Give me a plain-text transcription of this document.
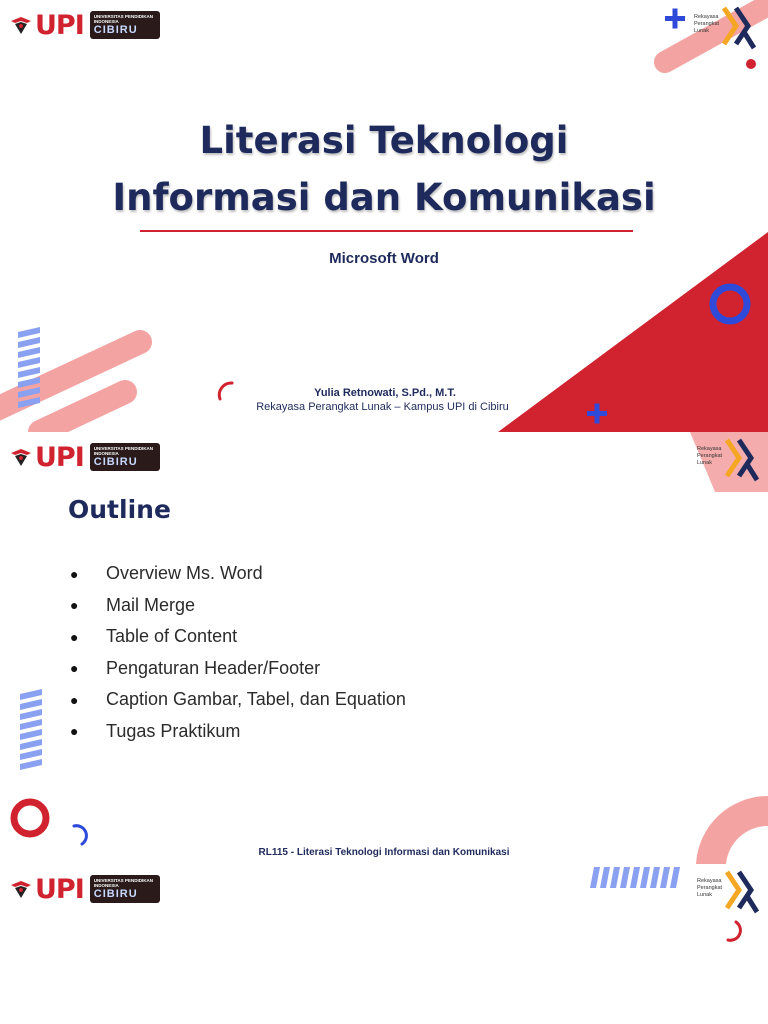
UPI UNIVERSITAS PENDIDIKAN INDONESIA
CIBIRU
Rekayasa
Perangkat
Lunak
Literasi Teknologi
Informasi dan Komunikasi
Microsoft Word
Yulia Retnowati, S.Pd., M.T.
Rekayasa Perangkat Lunak – Kampus UPI di Cibiru
UPI UNIVERSITAS PENDIDIKAN INDONESIA
CIBIRU
Rekayasa
Perangkat
Lunak
Outline
●	Overview Ms. Word
●	Mail Merge
●	Table of Content
●	Pengaturan Header/Footer
●	Caption Gambar, Tabel, dan Equation
●	Tugas Praktikum
RL115 - Literasi Teknologi Informasi dan Komunikasi
UPI UNIVERSITAS PENDIDIKAN INDONESIA
CIBIRU
Rekayasa
Perangkat
Lunak
